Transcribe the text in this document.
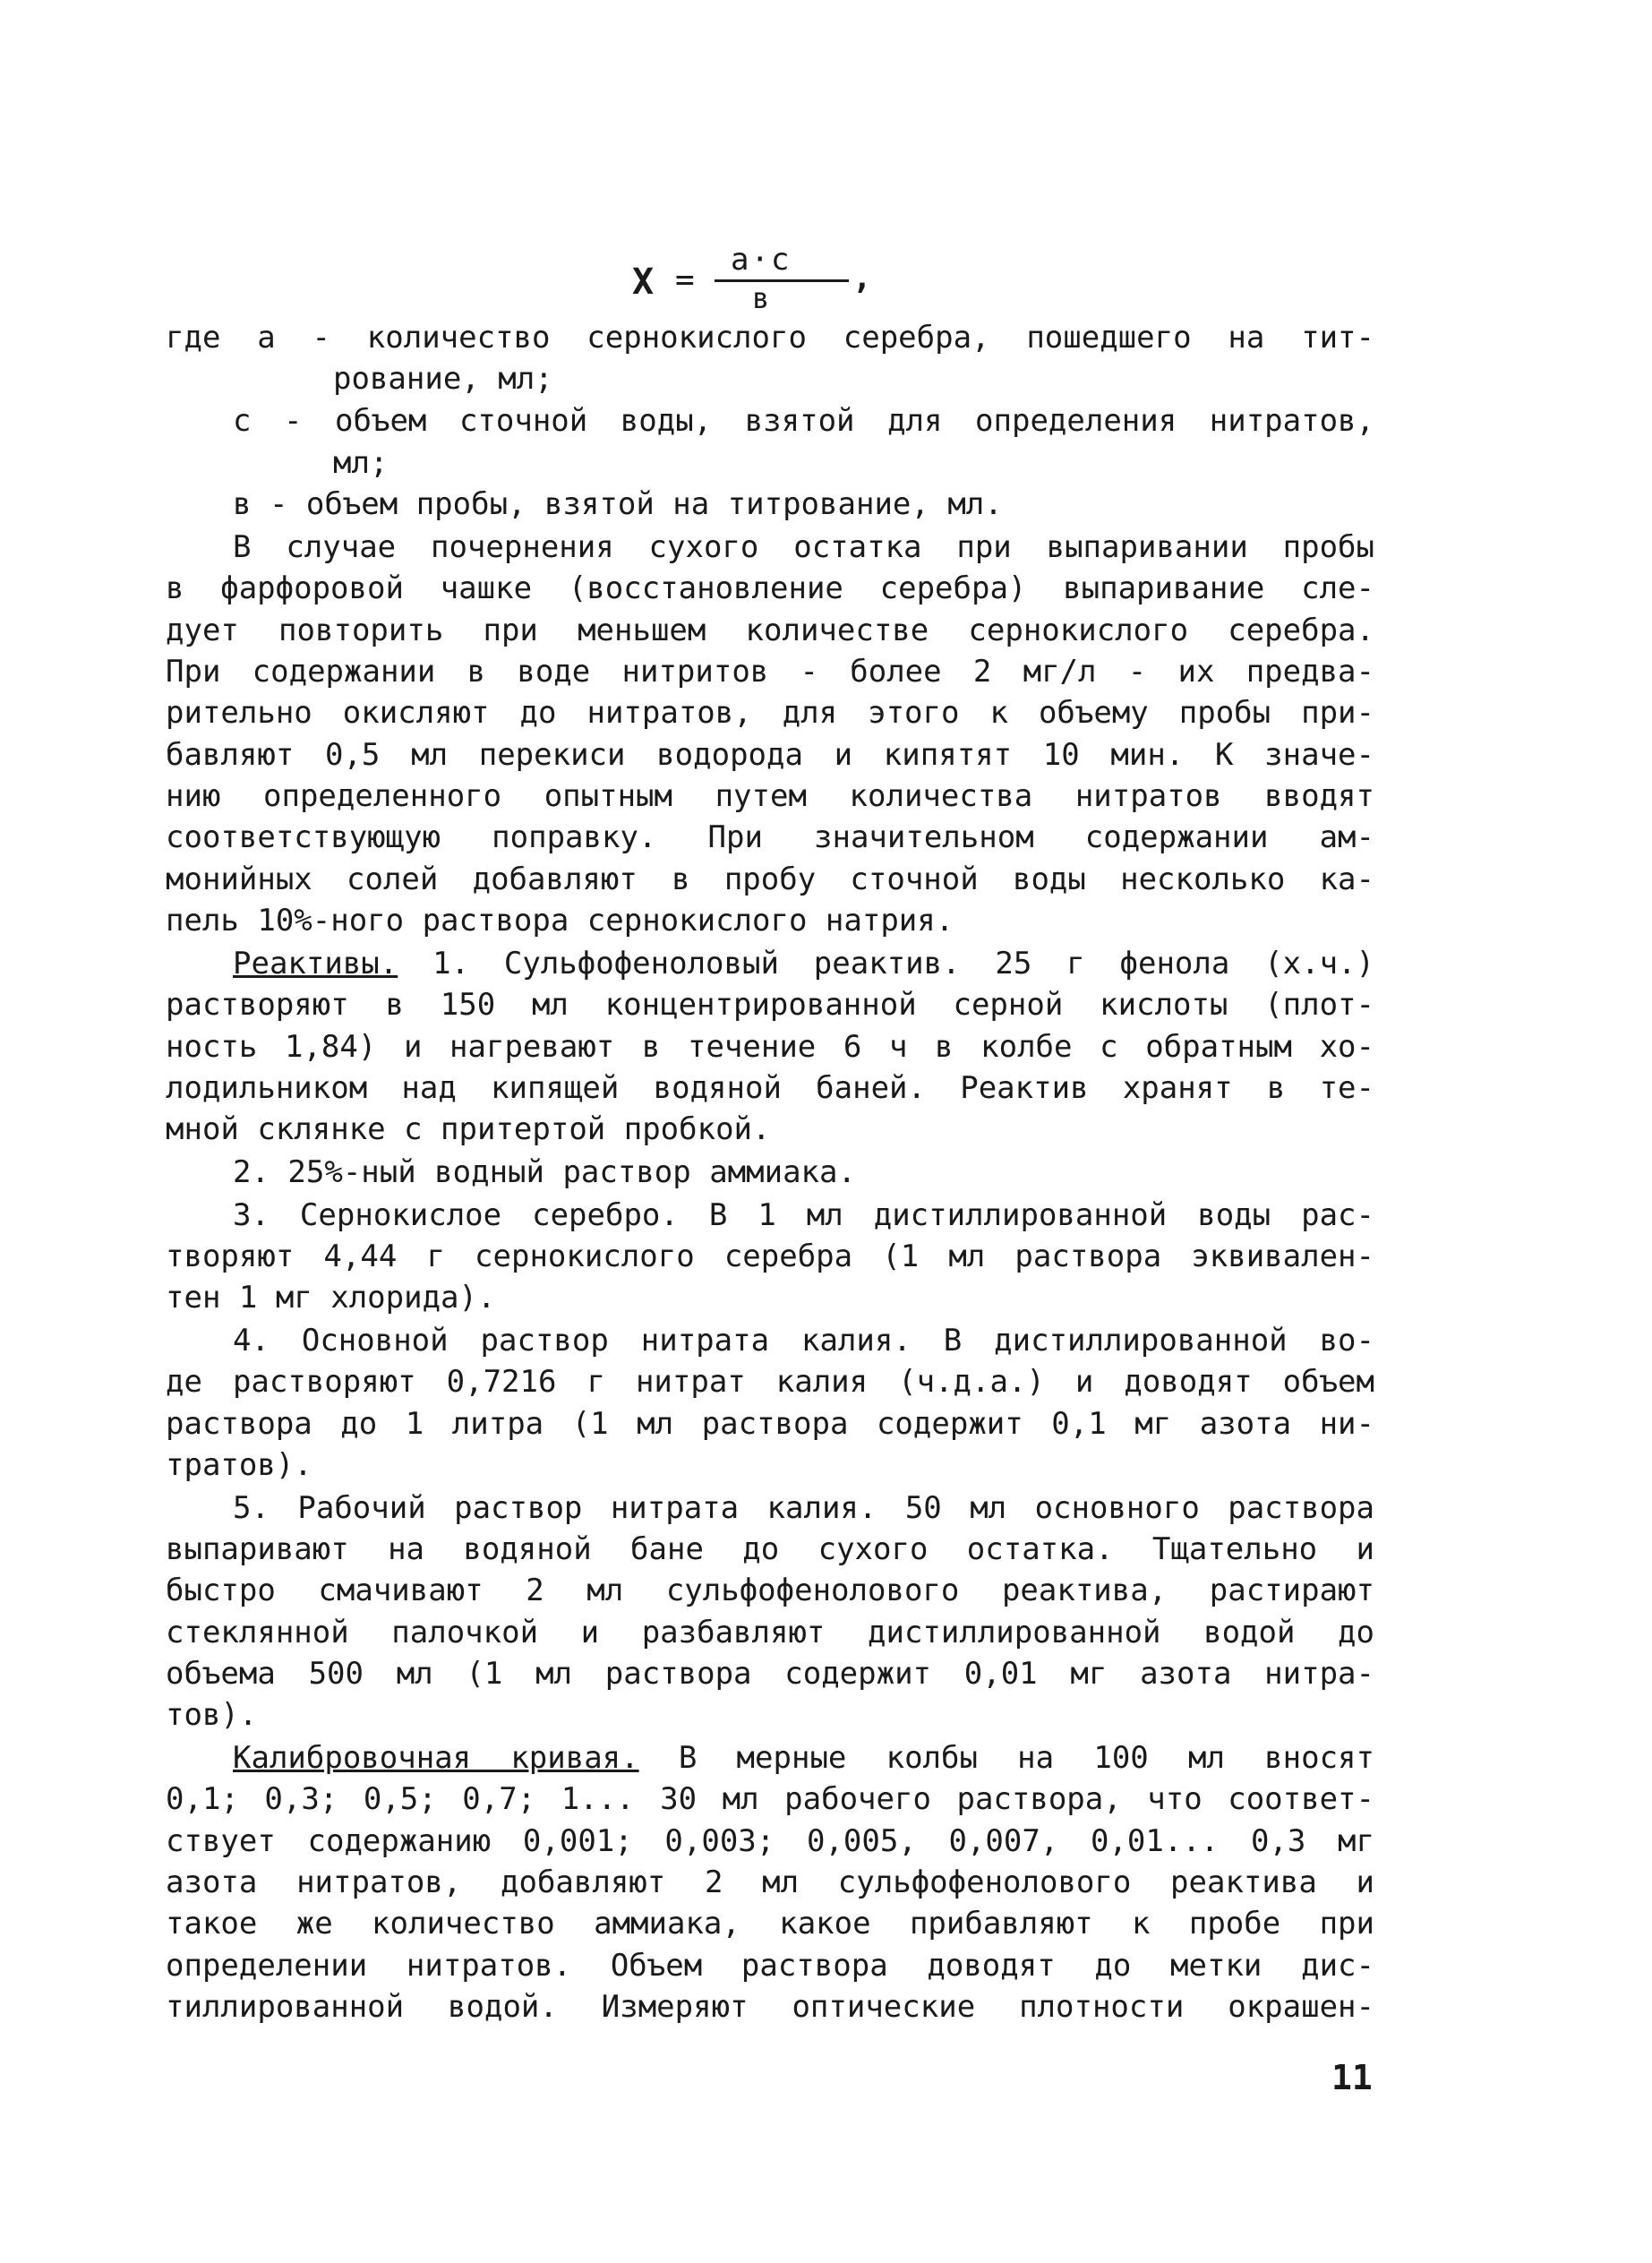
X =
a·c
в
,
где а - количество сернокислого серебра, пошедшего на тит-
рование, мл;
с - объем сточной воды, взятой для определения нитратов,
мл;
в - объем пробы, взятой на титрование, мл.
В случае почернения сухого остатка при выпаривании пробы
в фарфоровой чашке (восстановление серебра) выпаривание сле-
дует повторить при меньшем количестве сернокислого серебра.
При содержании в воде нитритов - более 2 мг/л - их предва-
рительно окисляют до нитратов, для этого к объему пробы при-
бавляют 0,5 мл перекиси водорода и кипятят 10 мин. К значе-
нию определенного опытным путем количества нитратов вводят
соответствующую поправку. При значительном содержании ам-
монийных солей добавляют в пробу сточной воды несколько ка-
пель 10%-ного раствора сернокислого натрия.
Реактивы. 1. Сульфофеноловый реактив. 25 г фенола (х.ч.)
растворяют в 150 мл концентрированной серной кислоты (плот-
ность 1,84) и нагревают в течение 6 ч в колбе с обратным хо-
лодильником над кипящей водяной баней. Реактив хранят в те-
мной склянке с притертой пробкой.
2. 25%-ный водный раствор аммиака.
3. Сернокислое серебро. В 1 мл дистиллированной воды рас-
творяют 4,44 г сернокислого серебра (1 мл раствора эквивален-
тен 1 мг хлорида).
4. Основной раствор нитрата калия. В дистиллированной во-
де растворяют 0,7216 г нитрат калия (ч.д.а.) и доводят объем
раствора до 1 литра (1 мл раствора содержит 0,1 мг азота ни-
тратов).
5. Рабочий раствор нитрата калия. 50 мл основного раствора
выпаривают на водяной бане до сухого остатка. Тщательно и
быстро смачивают 2 мл сульфофенолового реактива, растирают
стеклянной палочкой и разбавляют дистиллированной водой до
объема 500 мл (1 мл раствора содержит 0,01 мг азота нитра-
тов).
Калибровочная кривая. В мерные колбы на 100 мл вносят
0,1; 0,3; 0,5; 0,7; 1... 30 мл рабочего раствора, что соответ-
ствует содержанию 0,001; 0,003; 0,005, 0,007, 0,01... 0,3 мг
азота нитратов, добавляют 2 мл сульфофенолового реактива и
такое же количество аммиака, какое прибавляют к пробе при
определении нитратов. Объем раствора доводят до метки дис-
тиллированной водой. Измеряют оптические плотности окрашен-
11
